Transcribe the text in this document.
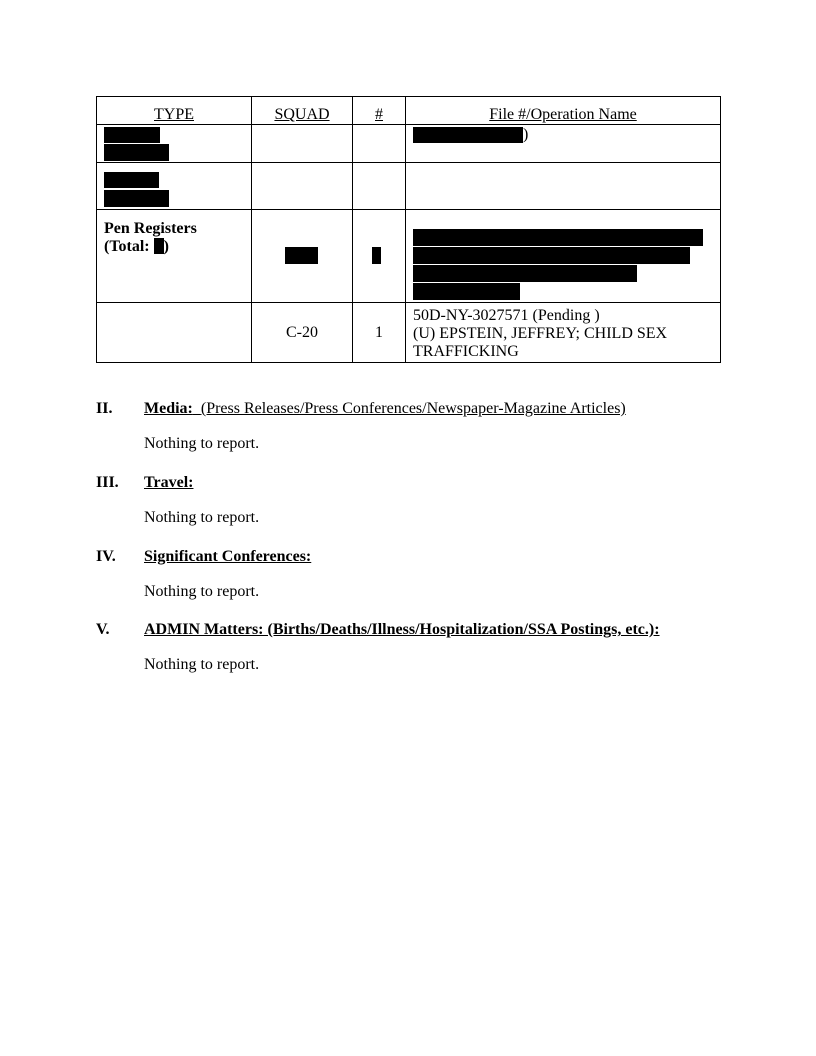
TYPE	SQUAD	#	File #/Operation Name

			)

Pen Registers
(Total: )			

	C-20	1	50D-NY-3027571 (Pending )
(U) EPSTEIN, JEFFREY; CHILD SEX
TRAFFICKING
II.	Media: (Press Releases/Press Conferences/Newspaper-Magazine Articles)
Nothing to report.
III.	Travel:
Nothing to report.
IV.	Significant Conferences:
Nothing to report.
V.	ADMIN Matters: (Births/Deaths/Illness/Hospitalization/SSA Postings, etc.):
Nothing to report.
